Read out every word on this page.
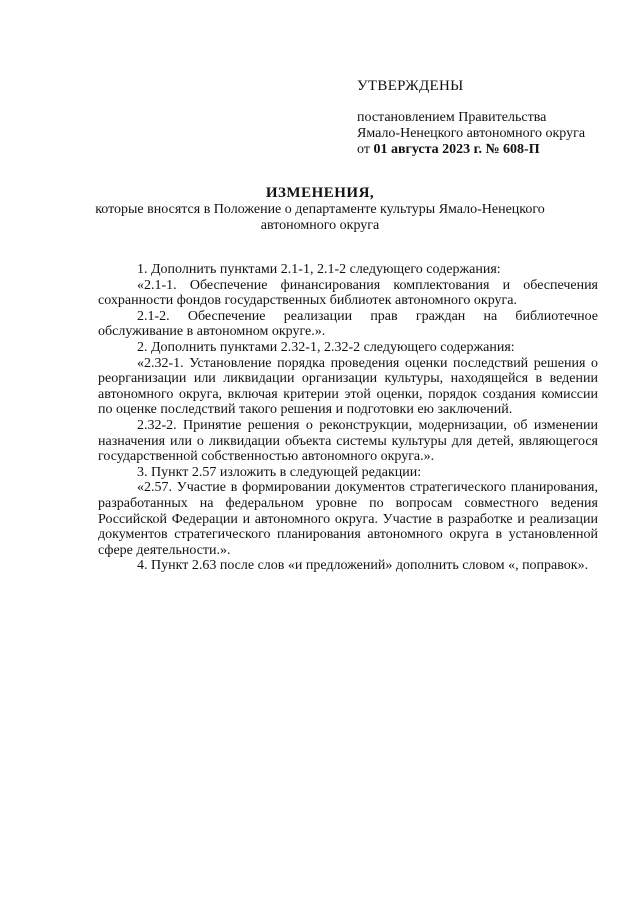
УТВЕРЖДЕНЫ
постановлением Правительства
Ямало-Ненецкого автономного округа
от 01 августа 2023 г. № 608-П
ИЗМЕНЕНИЯ,
которые вносятся в Положение о департаменте культуры Ямало-Ненецкого автономного округа

1. Дополнить пунктами 2.1-1, 2.1-2 следующего содержания:

«2.1-1. Обеспечение финансирования комплектования и обеспечения сохранности фондов государственных библиотек автономного округа.

2.1-2. Обеспечение реализации прав граждан на библиотечное обслуживание в автономном округе.».

2. Дополнить пунктами 2.32-1, 2.32-2 следующего содержания:

«2.32-1. Установление порядка проведения оценки последствий решения о реорганизации или ликвидации организации культуры, находящейся в ведении автономного округа, включая критерии этой оценки, порядок создания комиссии по оценке последствий такого решения и подготовки ею заключений.

2.32-2. Принятие решения о реконструкции, модернизации, об изменении назначения или о ликвидации объекта системы культуры для детей, являющегося государственной собственностью автономного округа.».

3. Пункт 2.57 изложить в следующей редакции:

«2.57. Участие в формировании документов стратегического планирования, разработанных на федеральном уровне по вопросам совместного ведения Российской Федерации и автономного округа. Участие в разработке и реализации документов стратегического планирования автономного округа в установленной сфере деятельности.».

4. Пункт 2.63 после слов «и предложений» дополнить словом «, поправок».
